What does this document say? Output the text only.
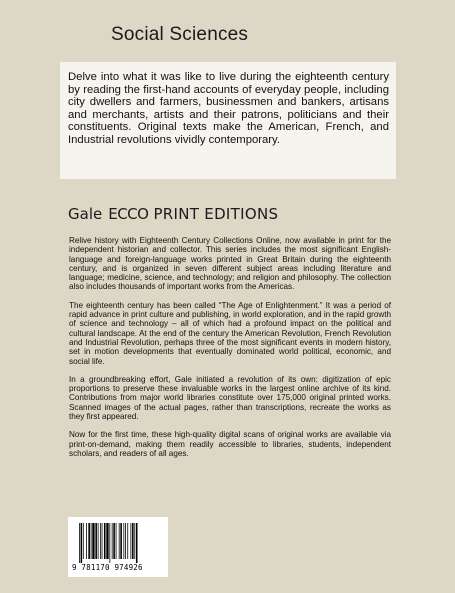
Social Sciences

Delve into what it was like to live during the eighteenth century by reading the first-hand accounts of everyday people, including city dwellers and farmers, businessmen and bankers, artisans and merchants, artists and their patrons, politicians and their constituents. Original texts make the American, French, and Industrial revolutions vividly contemporary.

Gale ECCO PRINT EDITIONS

Relive history with Eighteenth Century Collections Online, now available in print for the independent historian and collector. This series includes the most significant English-language and foreign-language works printed in Great Britain during the eighteenth century, and is organized in seven different subject areas including literature and language; medicine, science, and technology; and religion and philosophy. The collection also includes thousands of important works from the Americas.

The eighteenth century has been called “The Age of Enlightenment.” It was a period of rapid advance in print culture and publishing, in world exploration, and in the rapid growth of science and technology – all of which had a profound impact on the political and cultural landscape. At the end of the century the American Revolution, French Revolution and Industrial Revolution, perhaps three of the most significant events in modern history, set in motion developments that eventually dominated world political, economic, and social life.

In a groundbreaking effort, Gale initiated a revolution of its own: digitization of epic proportions to preserve these invaluable works in the largest online archive of its kind. Contributions from major world libraries constitute over 175,000 original printed works. Scanned images of the actual pages, rather than transcriptions, recreate the works as they first appeared.

Now for the first time, these high-quality digital scans of original works are available via print-on-demand, making them readily accessible to libraries, students, independent scholars, and readers of all ages.

9 781170 974926
